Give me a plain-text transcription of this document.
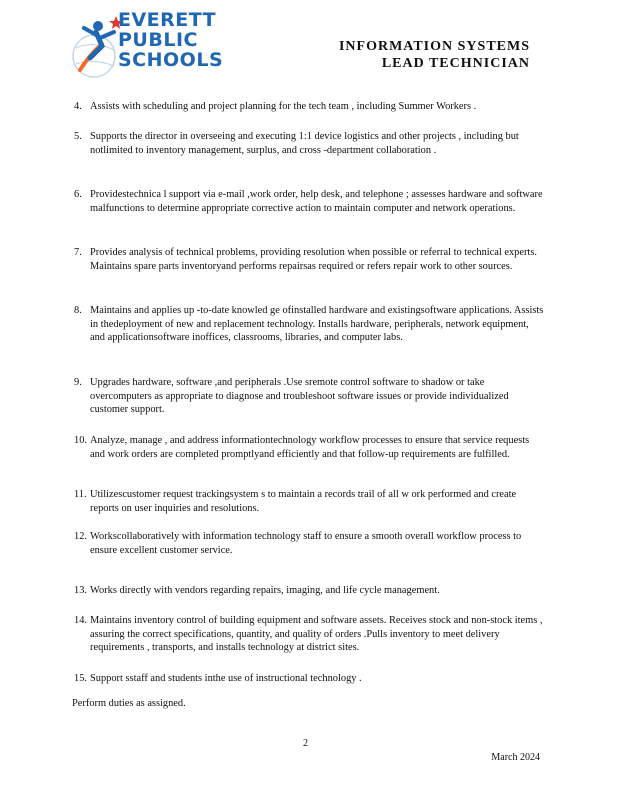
EVERETT
PUBLIC
SCHOOLS
INFORMATION SYSTEMS
LEAD TECHNICIAN
4. Assists with scheduling and project planning for the tech team , including Summer Workers .
5. Supports the director in overseeing and executing 1:1 device logistics and other projects , including but notlimited to inventory management, surplus, and cross -department collaboration .
6. Providestechnica l support via e-mail ,work order, help desk, and telephone ; assesses hardware and software malfunctions to determine appropriate corrective action to maintain computer and network operations.
7. Provides analysis of technical problems, providing resolution when possible or referral to technical experts. Maintains spare parts inventoryand performs repairsas required or refers repair work to other sources.
8. Maintains and applies up -to-date knowled ge ofinstalled hardware and existingsoftware applications. Assists in thedeployment of new and replacement technology. Installs hardware, peripherals, network equipment, and applicationsoftware inoffices, classrooms, libraries, and computer labs.
9. Upgrades hardware, software ,and peripherals .Use sremote control software to shadow or take overcomputers as appropriate to diagnose and troubleshoot software issues or provide individualized customer support.
10. Analyze, manage , and address informationtechnology workflow processes to ensure that service requests and work orders are completed promptlyand efficiently and that follow-up requirements are fulfilled.
11. Utilizescustomer request trackingsystem s to maintain a records trail of all w ork performed and create reports on user inquiries and resolutions.
12. Workscollaboratively with information technology staff to ensure a smooth overall workflow process to ensure excellent customer service.
13. Works directly with vendors regarding repairs, imaging, and life cycle management.
14. Maintains inventory control of building equipment and software assets. Receives stock and non-stock items , assuring the correct specifications, quantity, and quality of orders .Pulls inventory to meet delivery requirements , transports, and installs technology at district sites.
15. Support sstaff and students inthe use of instructional technology .
Perform duties as assigned.
2
March 2024
